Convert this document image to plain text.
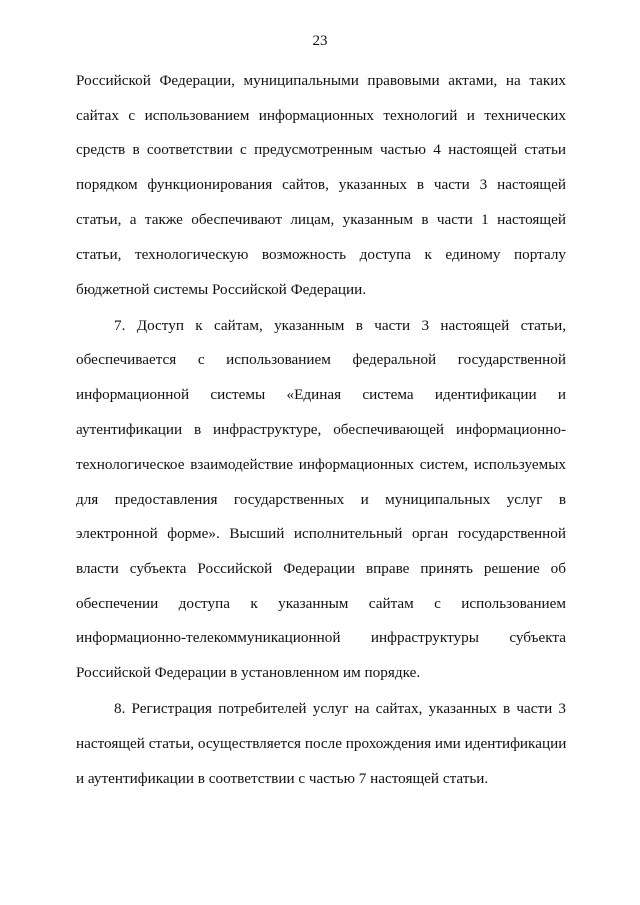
23
Российской Федерации, муниципальными правовыми актами, на таких
сайтах с использованием информационных технологий и технических
средств в соответствии с предусмотренным частью 4 настоящей статьи
порядком функционирования сайтов, указанных в части 3 настоящей
статьи, а также обеспечивают лицам, указанным в части 1 настоящей
статьи, технологическую возможность доступа к единому порталу
бюджетной системы Российской Федерации.
7. Доступ к сайтам, указанным в части 3 настоящей статьи,
обеспечивается с использованием федеральной государственной
информационной системы «Единая система идентификации и
аутентификации в инфраструктуре, обеспечивающей информационно-
технологическое взаимодействие информационных систем, используемых
для предоставления государственных и муниципальных услуг в
электронной форме». Высший исполнительный орган государственной
власти субъекта Российской Федерации вправе принять решение об
обеспечении доступа к указанным сайтам с использованием
информационно-телекоммуникационной инфраструктуры субъекта
Российской Федерации в установленном им порядке.
8. Регистрация потребителей услуг на сайтах, указанных в части 3
настоящей статьи, осуществляется после прохождения ими идентификации
и аутентификации в соответствии с частью 7 настоящей статьи.
